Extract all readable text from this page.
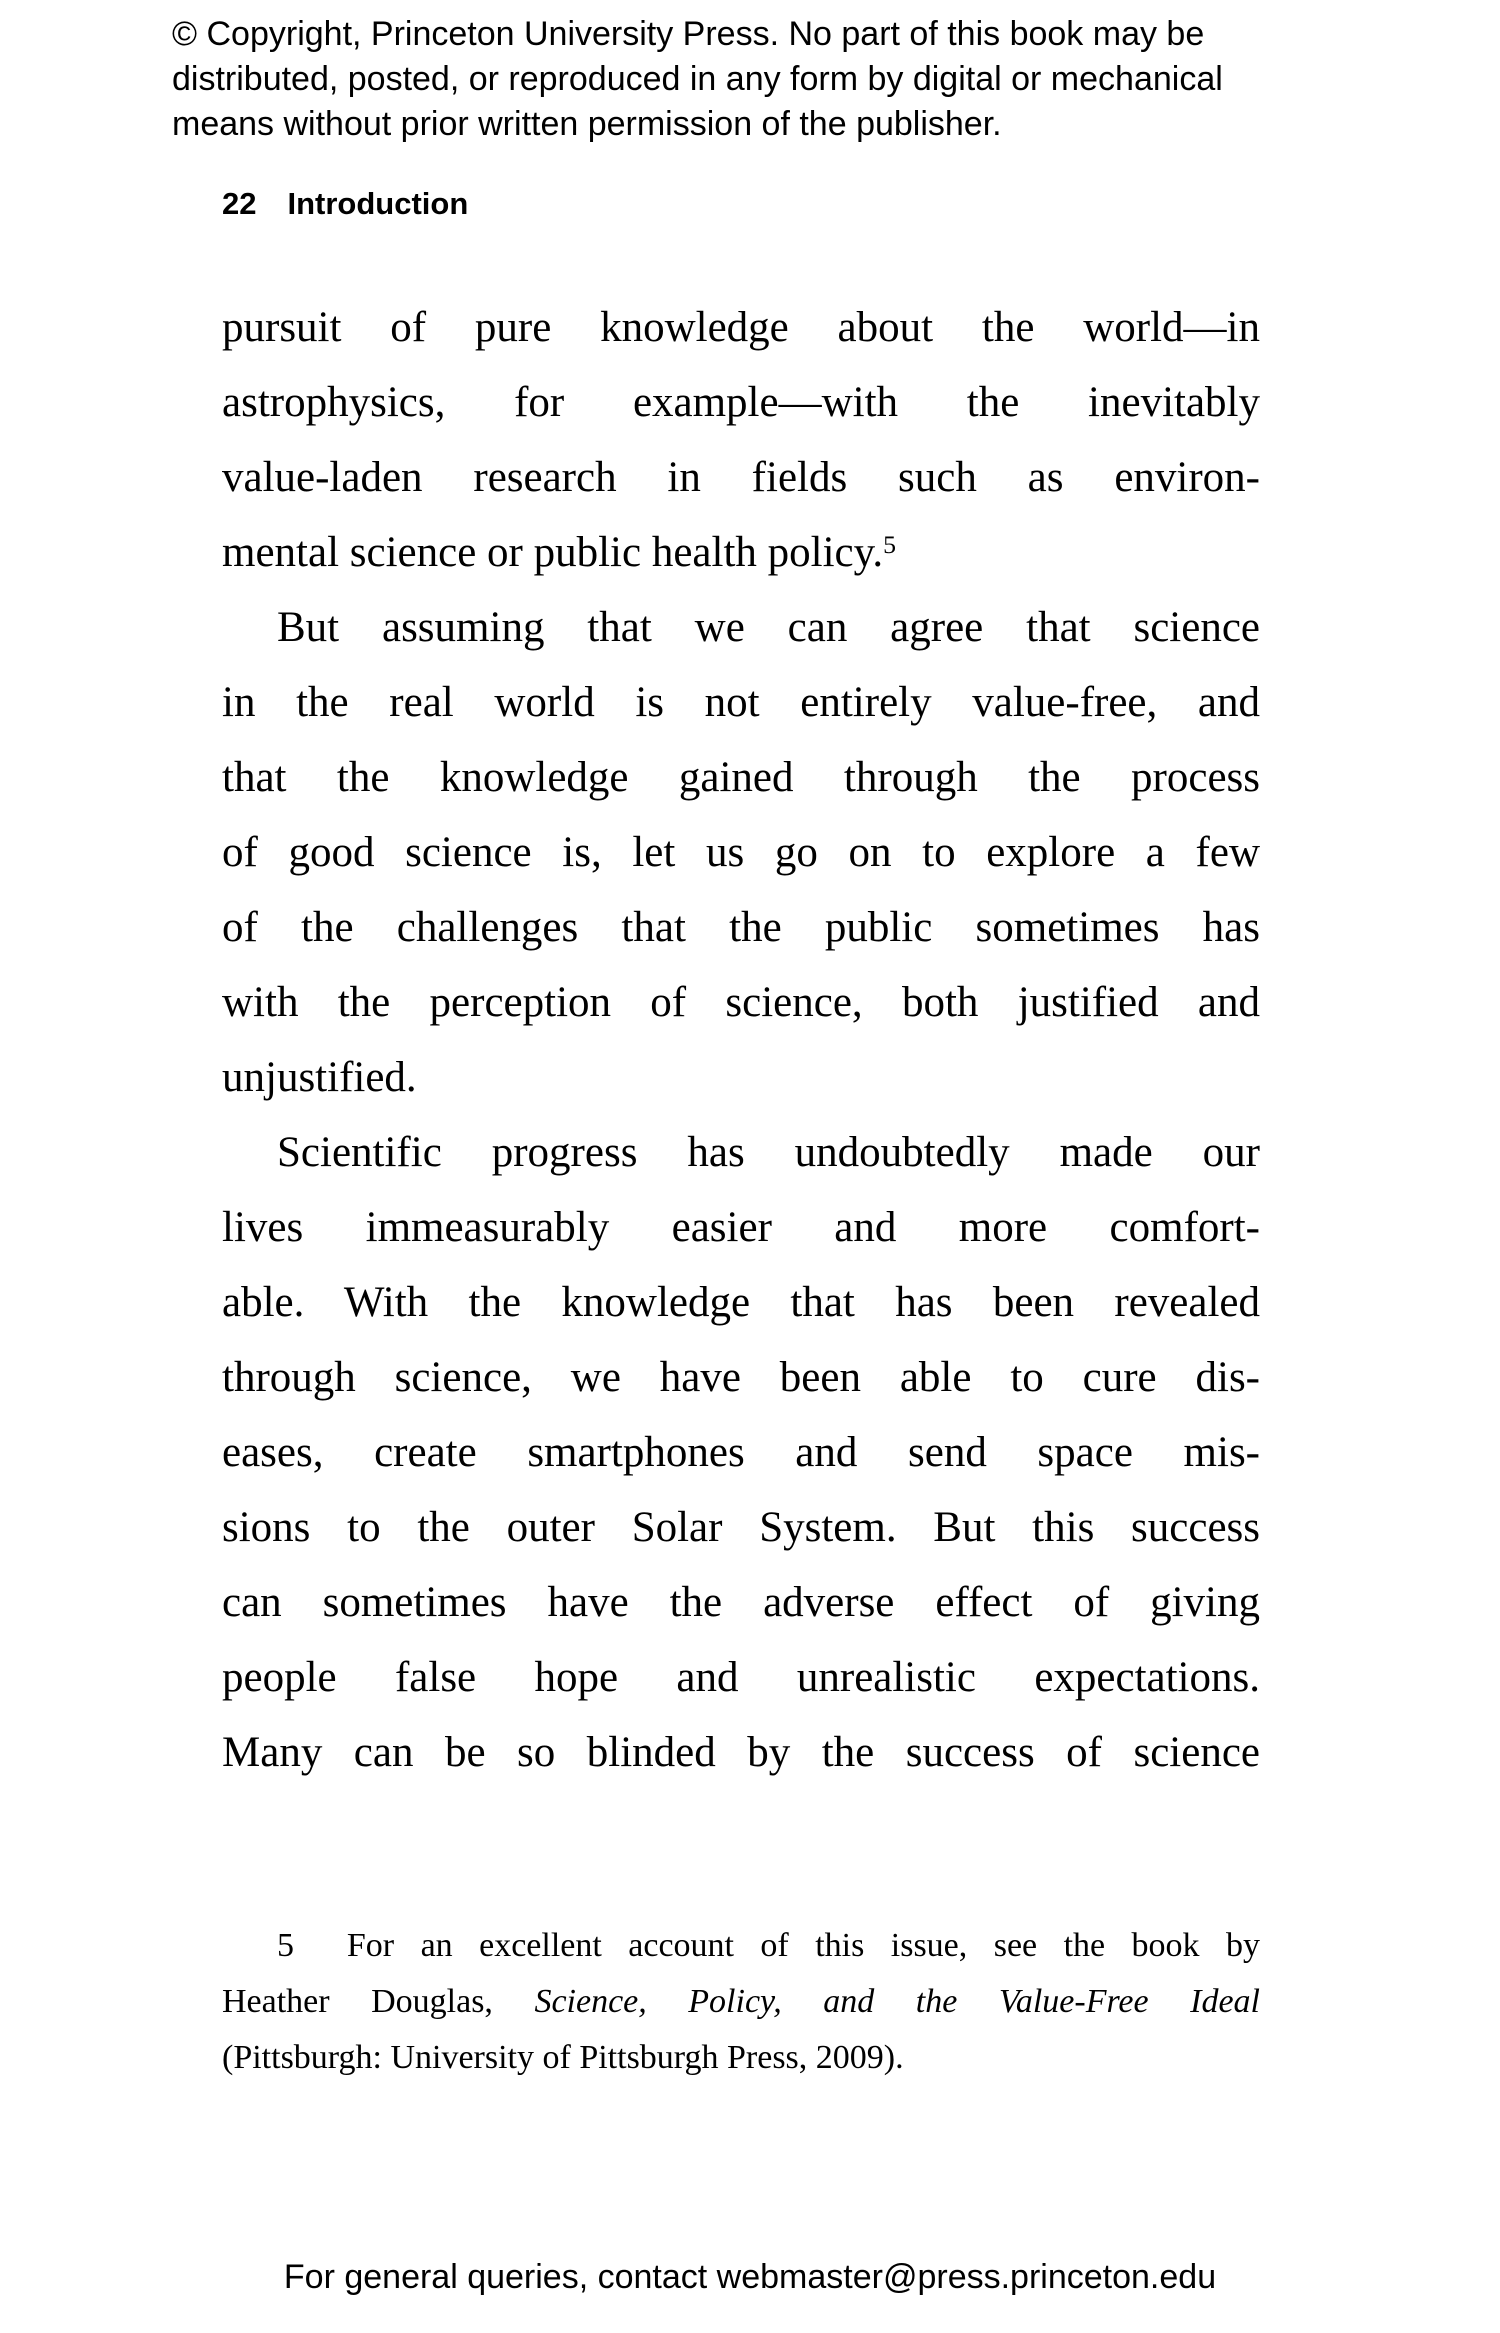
© Copyright, Princeton University Press. No part of this book may be
distributed, posted, or reproduced in any form by digital or mechanical
means without prior written permission of the publisher.
22 Introduction
pursuit of pure knowledge about the world—in
astrophysics, for example—with the inevitably
value-laden research in fields such as environ-
mental science or public health policy.$^5$
But assuming that we can agree that science
in the real world is not entirely value-free, and
that the knowledge gained through the process
of good science is, let us go on to explore a few
of the challenges that the public sometimes has
with the perception of science, both justified and
unjustified.
Scientific progress has undoubtedly made our
lives immeasurably easier and more comfort-
able. With the knowledge that has been revealed
through science, we have been able to cure dis-
eases, create smartphones and send space mis-
sions to the outer Solar System. But this success
can sometimes have the adverse effect of giving
people false hope and unrealistic expectations.
Many can be so blinded by the success of science
5  For an excellent account of this issue, see the book by
Heather Douglas, Science, Policy, and the Value-Free Ideal
(Pittsburgh: University of Pittsburgh Press, 2009).
For general queries, contact webmaster@press.princeton.edu
